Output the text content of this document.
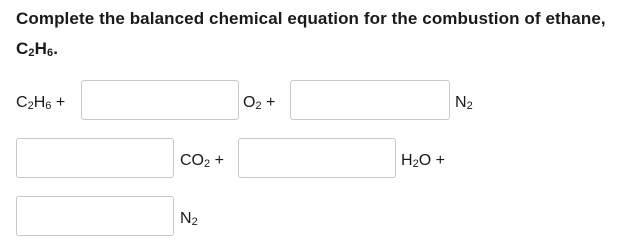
Complete the balanced chemical equation for the combustion of ethane,
$C_2H_6$.
$C_2H_6$ +	$O_2$ +	$N_2$
$CO_2$ +	$H_2O$ +
$N_2$
